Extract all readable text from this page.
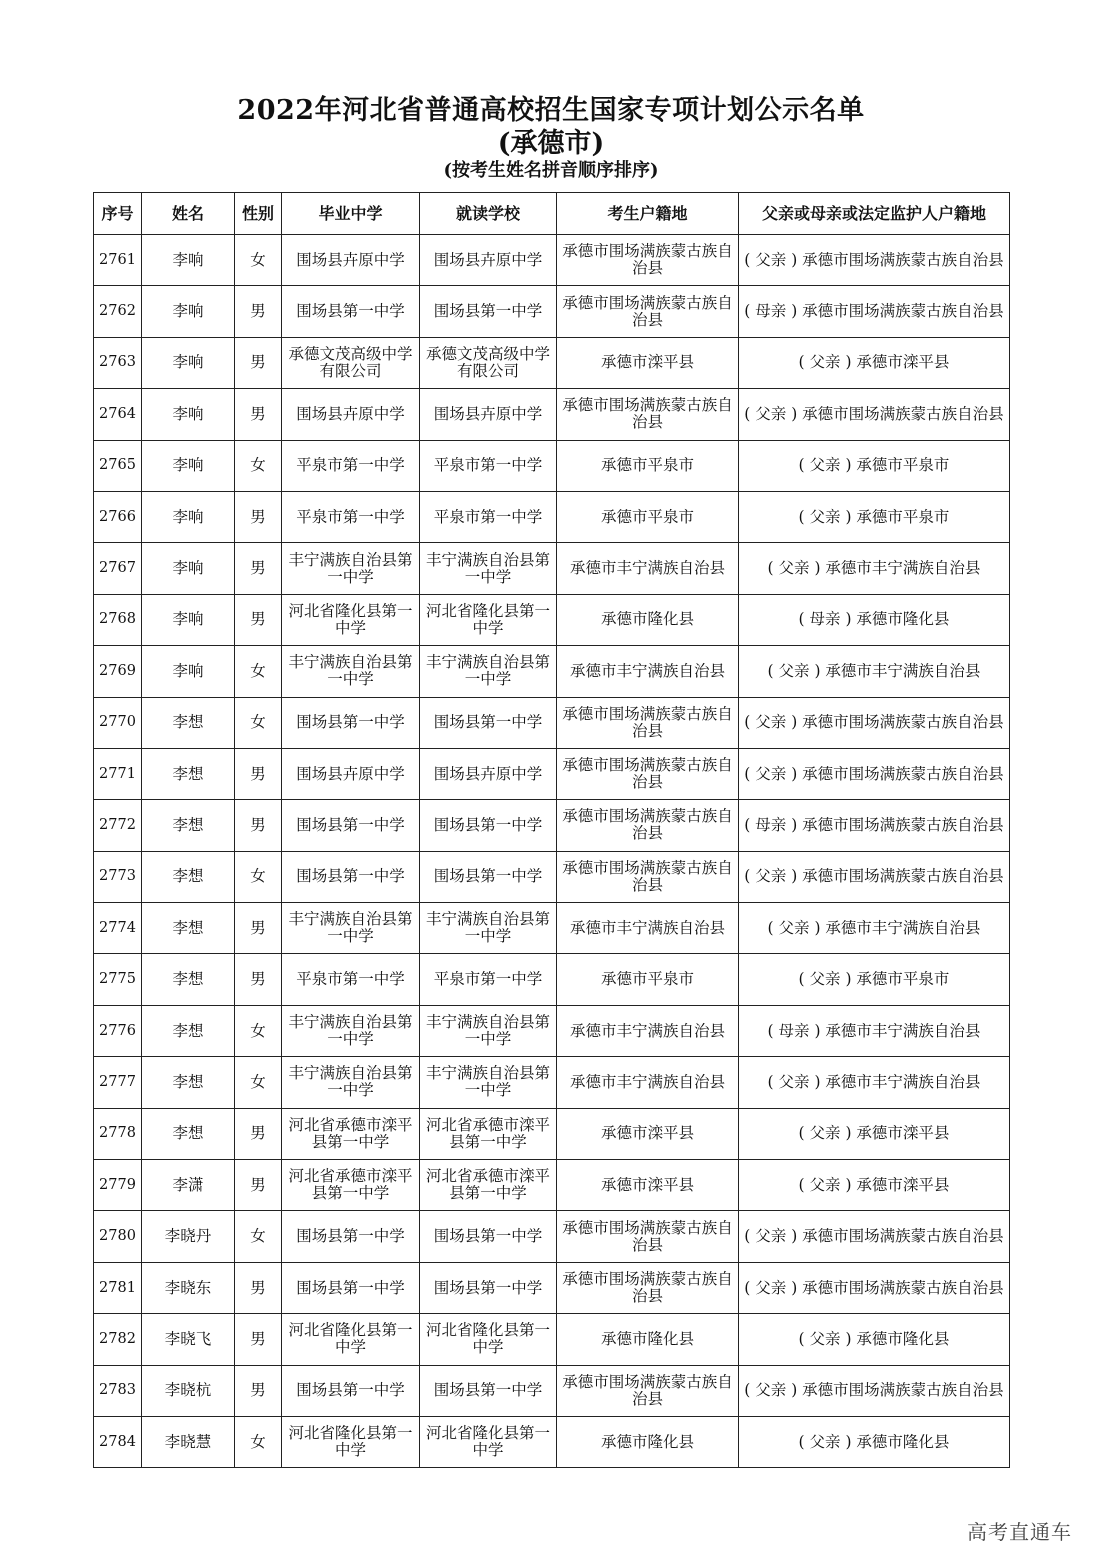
2022年河北省普通高校招生国家专项计划公示名单
(承德市)
(按考生姓名拼音顺序排序)
序号	姓名	性别	毕业中学	就读学校	考生户籍地	父亲或母亲或法定监护人户籍地
2761	李响	女	围场县卉原中学	围场县卉原中学	承德市围场满族蒙古族自治县	( 父亲 ) 承德市围场满族蒙古族自治县
2762	李响	男	围场县第一中学	围场县第一中学	承德市围场满族蒙古族自治县	( 母亲 ) 承德市围场满族蒙古族自治县
2763	李响	男	承德文茂高级中学有限公司	承德文茂高级中学有限公司	承德市滦平县	( 父亲 ) 承德市滦平县
2764	李响	男	围场县卉原中学	围场县卉原中学	承德市围场满族蒙古族自治县	( 父亲 ) 承德市围场满族蒙古族自治县
2765	李响	女	平泉市第一中学	平泉市第一中学	承德市平泉市	( 父亲 ) 承德市平泉市
2766	李响	男	平泉市第一中学	平泉市第一中学	承德市平泉市	( 父亲 ) 承德市平泉市
2767	李响	男	丰宁满族自治县第一中学	丰宁满族自治县第一中学	承德市丰宁满族自治县	( 父亲 ) 承德市丰宁满族自治县
2768	李响	男	河北省隆化县第一中学	河北省隆化县第一中学	承德市隆化县	( 母亲 ) 承德市隆化县
2769	李响	女	丰宁满族自治县第一中学	丰宁满族自治县第一中学	承德市丰宁满族自治县	( 父亲 ) 承德市丰宁满族自治县
2770	李想	女	围场县第一中学	围场县第一中学	承德市围场满族蒙古族自治县	( 父亲 ) 承德市围场满族蒙古族自治县
2771	李想	男	围场县卉原中学	围场县卉原中学	承德市围场满族蒙古族自治县	( 父亲 ) 承德市围场满族蒙古族自治县
2772	李想	男	围场县第一中学	围场县第一中学	承德市围场满族蒙古族自治县	( 母亲 ) 承德市围场满族蒙古族自治县
2773	李想	女	围场县第一中学	围场县第一中学	承德市围场满族蒙古族自治县	( 父亲 ) 承德市围场满族蒙古族自治县
2774	李想	男	丰宁满族自治县第一中学	丰宁满族自治县第一中学	承德市丰宁满族自治县	( 父亲 ) 承德市丰宁满族自治县
2775	李想	男	平泉市第一中学	平泉市第一中学	承德市平泉市	( 父亲 ) 承德市平泉市
2776	李想	女	丰宁满族自治县第一中学	丰宁满族自治县第一中学	承德市丰宁满族自治县	( 母亲 ) 承德市丰宁满族自治县
2777	李想	女	丰宁满族自治县第一中学	丰宁满族自治县第一中学	承德市丰宁满族自治县	( 父亲 ) 承德市丰宁满族自治县
2778	李想	男	河北省承德市滦平县第一中学	河北省承德市滦平县第一中学	承德市滦平县	( 父亲 ) 承德市滦平县
2779	李潇	男	河北省承德市滦平县第一中学	河北省承德市滦平县第一中学	承德市滦平县	( 父亲 ) 承德市滦平县
2780	李晓丹	女	围场县第一中学	围场县第一中学	承德市围场满族蒙古族自治县	( 父亲 ) 承德市围场满族蒙古族自治县
2781	李晓东	男	围场县第一中学	围场县第一中学	承德市围场满族蒙古族自治县	( 父亲 ) 承德市围场满族蒙古族自治县
2782	李晓飞	男	河北省隆化县第一中学	河北省隆化县第一中学	承德市隆化县	( 父亲 ) 承德市隆化县
2783	李晓杭	男	围场县第一中学	围场县第一中学	承德市围场满族蒙古族自治县	( 父亲 ) 承德市围场满族蒙古族自治县
2784	李晓慧	女	河北省隆化县第一中学	河北省隆化县第一中学	承德市隆化县	( 父亲 ) 承德市隆化县
高考直通车
